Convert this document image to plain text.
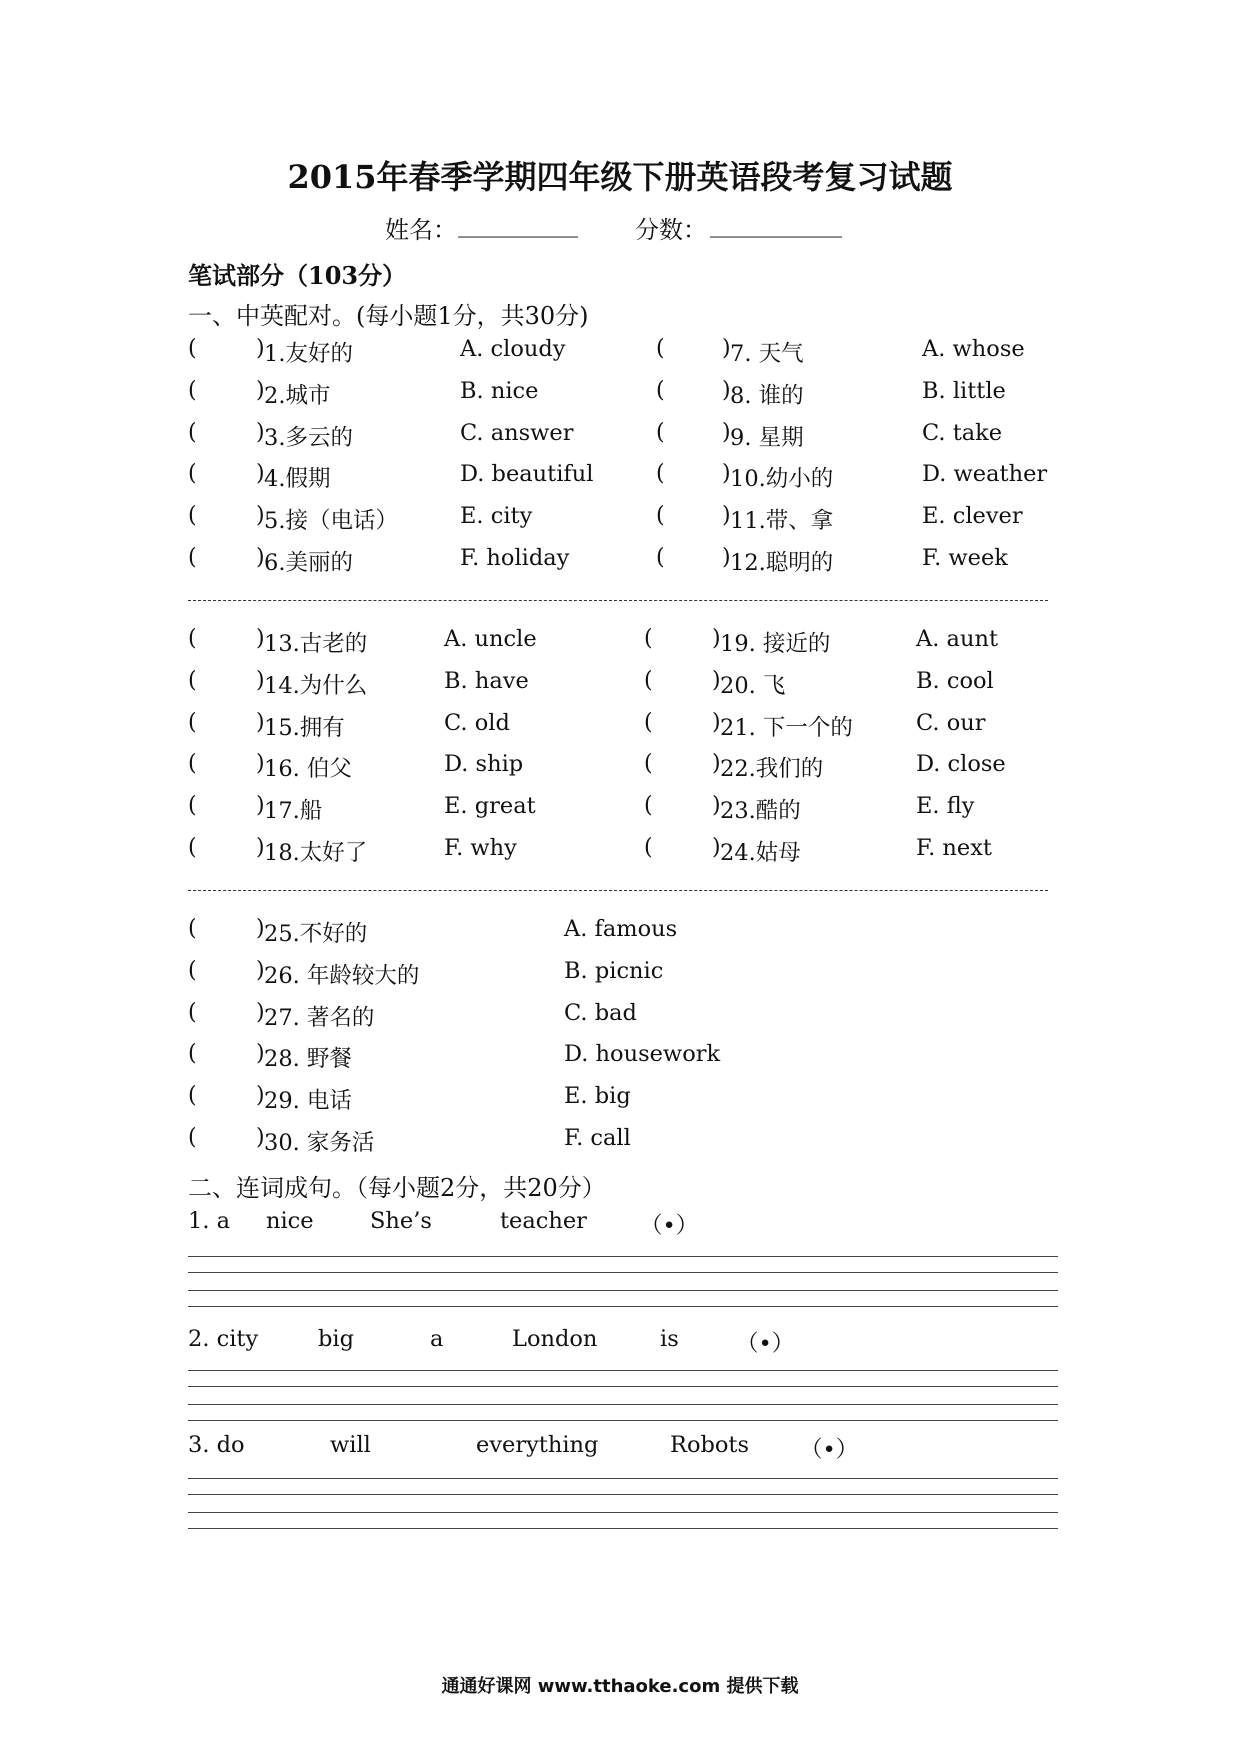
2015年春季学期四年级下册英语段考复习试题
姓名： __________ 分数： ___________
笔试部分（103分）
一、中英配对。(每小题1分，共30分)
(	) 1.友好的	A. cloudy
(	) 2.城市	B. nice
(	) 3.多云的	C. answer
(	) 4.假期	D. beautiful
(	) 5.接（电话）	E. city
(	) 6.美丽的	F. holiday
(	) 7. 天气	A. whose
(	) 8. 谁的	B. little
(	) 9. 星期	C. take
(	) 10.幼小的	D. weather
(	) 11.带、拿	E. clever
(	) 12.聪明的	F. week
(	) 13.古老的	A. uncle
(	) 14.为什么	B. have
(	) 15.拥有	C. old
(	) 16. 伯父	D. ship
(	) 17.船	E. great
(	) 18.太好了	F. why
(	) 19. 接近的	A. aunt
(	) 20. 飞	B. cool
(	) 21. 下一个的	C. our
(	) 22.我们的	D. close
(	) 23.酷的	E. fly
(	) 24.姑母	F. next
(	) 25.不好的	A. famous
(	) 26. 年龄较大的	B. picnic
(	) 27. 著名的	C. bad
(	) 28. 野餐	D. housework
(	) 29. 电话	E. big
(	) 30. 家务活	F. call
二、连词成句。（每小题2分，共20分）
1. a nice	She’s	teacher （•）
2. city	big	a	London	is	（•）
3. do	will	everything	Robots （•）
通通好课网 www.tthaoke.com 提供下载
